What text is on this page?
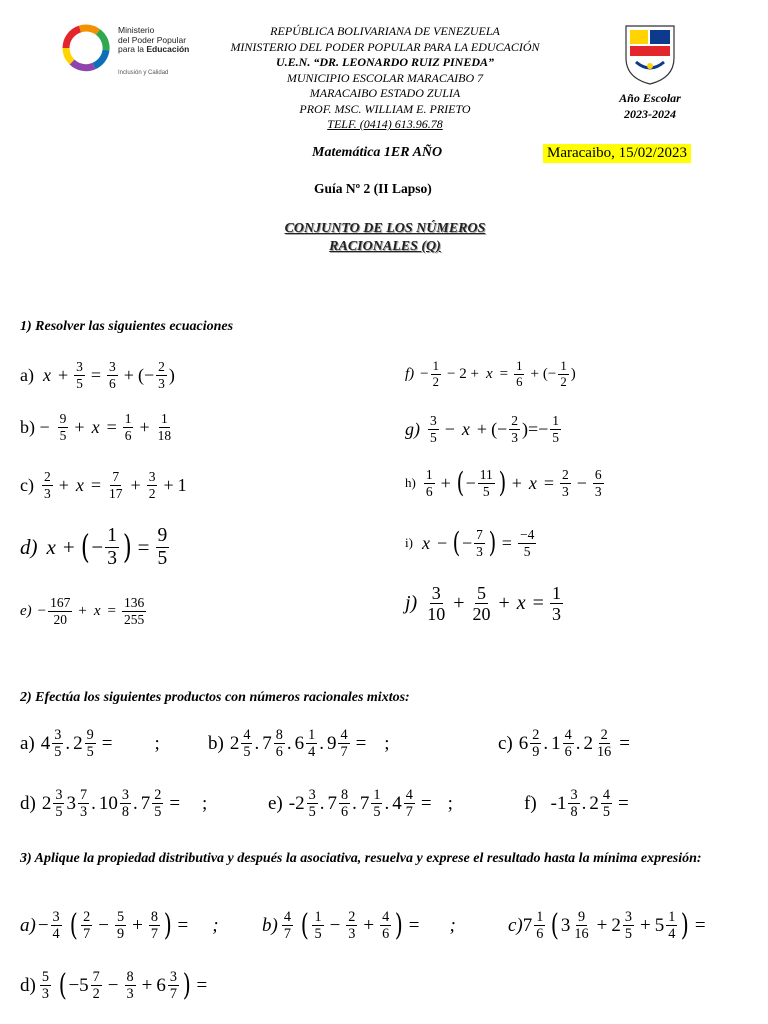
Ministerio
del Poder Popular
para la Educación
Inclusión y Calidad
REPÚBLICA BOLIVARIANA DE VENEZUELA
MINISTERIO DEL PODER POPULAR PARA LA EDUCACIÓN
U.E.N. “DR. LEONARDO RUIZ PINEDA”
MUNICIPIO ESCOLAR MARACAIBO 7
MARACAIBO ESTADO ZULIA
PROF. MSC. WILLIAM E. PRIETO
TELF. (0414) 613.96.78
Año Escolar
2023-2024
Matemática 1ER AÑO	Maracaibo, 15/02/2023
Guía Nº 2 (II Lapso)
CONJUNTO DE LOS NÚMEROS
RACIONALES (Q)
1) Resolver las siguientes ecuaciones
a) $x + \frac{3}{5} = \frac{3}{6}$ + (− $\frac{2}{3}$ )
$b) - \frac{9}{5} + x = \frac{1}{6} + \frac{1}{18}$
$c) \frac{2}{3} + x = \frac{7}{17} + \frac{3}{2} + 1$
d) x + ( − $\frac{1}{3}$ ) = $\frac{9}{5}$
$e) - \frac{167}{20} + x = \frac{136}{255}$
$f) - \frac{1}{2} - 2 + x = \frac{1}{6}$ + (− $\frac{1}{2}$ )
$g) \frac{3}{5} - x$ + (− $\frac{2}{3}$ )=− $\frac{1}{5}$
$h) \frac{1}{6}$ + ( − $\frac{11}{5}$ ) + $x = \frac{2}{3} - \frac{6}{3}$
i) x − ( − $\frac{7}{3}$ ) = $\frac{-4}{5}$
$j) \frac{3}{10} + \frac{5}{20} + x = \frac{1}{3}$
2) Efectúa los siguientes productos con números racionales mixtos:
a) $4 \frac{3}{5}$ . $2 \frac{9}{5}$ = ;	b) $2 \frac{4}{5}$ . $7 \frac{8}{6}$ . $6 \frac{1}{4}$ . $9 \frac{4}{7}$ = ;	c) $6 \frac{2}{9}$ . $1 \frac{4}{6}$ . $2 \frac{2}{16}$ =
d) $2 \frac{3}{5} 3 \frac{7}{3}$ . $10 \frac{3}{8}$ . $7 \frac{2}{5}$ = ;	e) $-2 \frac{3}{5}$ . $7 \frac{8}{6}$ . $7 \frac{1}{5}$ . $4 \frac{4}{7}$ = ;	f) $-1 \frac{3}{8}$ . $2 \frac{4}{5}$ =
3) Aplique la propiedad distributiva y después la asociativa, resuelva y exprese el resultado hasta la mínima expresión:
$a) - \frac{3}{4}$ ( $\frac{2}{7} - \frac{5}{9} + \frac{8}{7}$ ) = ; $b) \frac{4}{7}$ ( $\frac{1}{5} - \frac{2}{3} + \frac{4}{6}$ ) = ;	c) $7 \frac{1}{6}$ ( $3 \frac{9}{16} + 2 \frac{3}{5} + 5 \frac{1}{4}$ ) =
$d) \frac{5}{3}$ ( − $5 \frac{7}{2} - \frac{8}{3} + 6 \frac{3}{7}$ ) =
